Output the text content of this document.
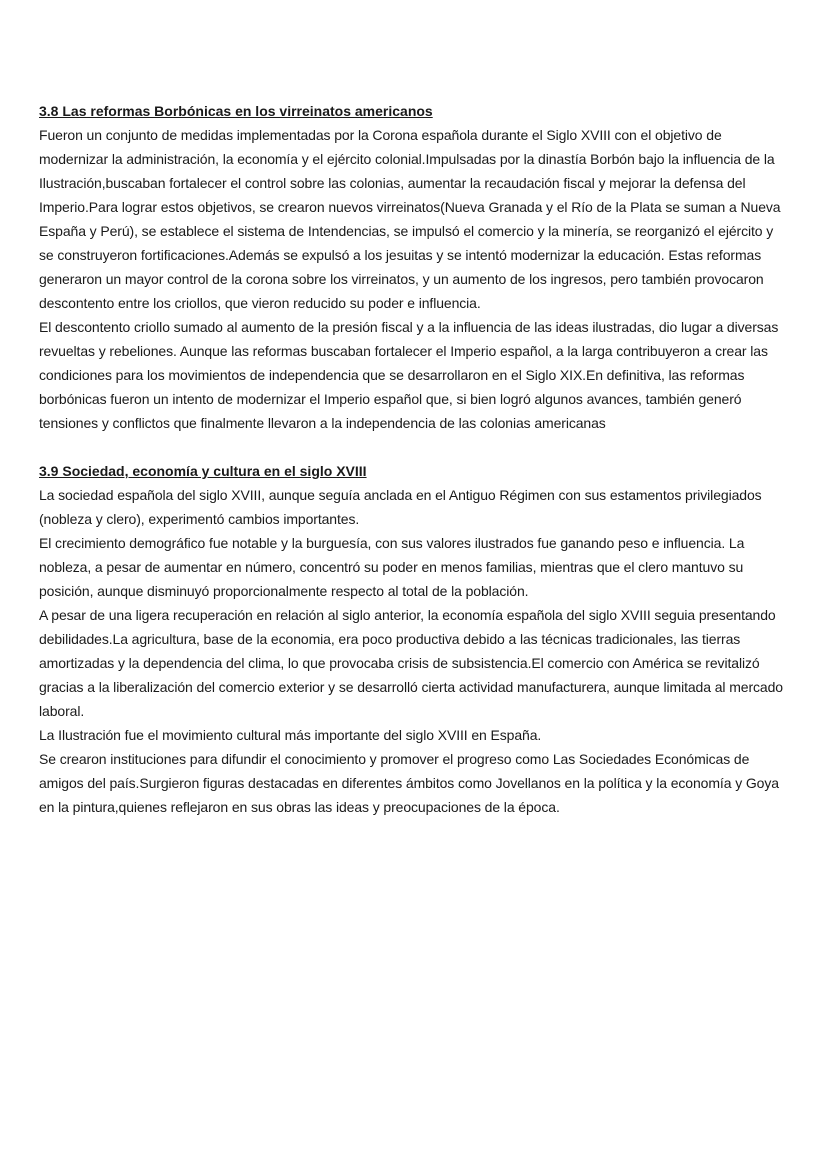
3.8 Las reformas Borbónicas en los virreinatos americanos

Fueron un conjunto de medidas implementadas por la Corona española durante el Siglo XVIII con el objetivo de modernizar la administración, la economía y el ejército colonial.Impulsadas por la dinastía Borbón bajo la influencia de la Ilustración,buscaban fortalecer el control sobre las colonias, aumentar la recaudación fiscal y mejorar la defensa del Imperio.Para lograr estos objetivos, se crearon nuevos virreinatos(Nueva Granada y el Río de la Plata se suman a Nueva España y Perú), se establece el sistema de Intendencias, se impulsó el comercio y la minería, se reorganizó el ejército y se construyeron fortificaciones.Además se expulsó a los jesuitas y se intentó modernizar la educación. Estas reformas generaron un mayor control de la corona sobre los virreinatos, y un aumento de los ingresos, pero también provocaron descontento entre los criollos, que vieron reducido su poder e influencia.

El descontento criollo sumado al aumento de la presión fiscal y a la influencia de las ideas ilustradas, dio lugar a diversas revueltas y rebeliones. Aunque las reformas buscaban fortalecer el Imperio español, a la larga contribuyeron a crear las condiciones para los movimientos de independencia que se desarrollaron en el Siglo XIX.En definitiva, las reformas borbónicas fueron un intento de modernizar el Imperio español que, si bien logró algunos avances, también generó tensiones y conflictos que finalmente llevaron a la independencia de las colonias americanas

3.9 Sociedad, economía y cultura en el siglo XVIII

La sociedad española del siglo XVIII, aunque seguía anclada en el Antiguo Régimen con sus estamentos privilegiados (nobleza y clero), experimentó cambios importantes.

El crecimiento demográfico fue notable y la burguesía, con sus valores ilustrados fue ganando peso e influencia. La nobleza, a pesar de aumentar en número, concentró su poder en menos familias, mientras que el clero mantuvo su posición, aunque disminuyó proporcionalmente respecto al total de la población.

A pesar de una ligera recuperación en relación al siglo anterior, la economía española del siglo XVIII seguia presentando debilidades.La agricultura, base de la economia, era poco productiva debido a las técnicas tradicionales, las tierras amortizadas y la dependencia del clima, lo que provocaba crisis de subsistencia.El comercio con América se revitalizó gracias a la liberalización del comercio exterior y se desarrolló cierta actividad manufacturera, aunque limitada al mercado laboral.

La Ilustración fue el movimiento cultural más importante del siglo XVIII en España.

Se crearon instituciones para difundir el conocimiento y promover el progreso como Las Sociedades Económicas de amigos del país.Surgieron figuras destacadas en diferentes ámbitos como Jovellanos en la política y la economía y Goya en la pintura,quienes reflejaron en sus obras las ideas y preocupaciones de la época.
